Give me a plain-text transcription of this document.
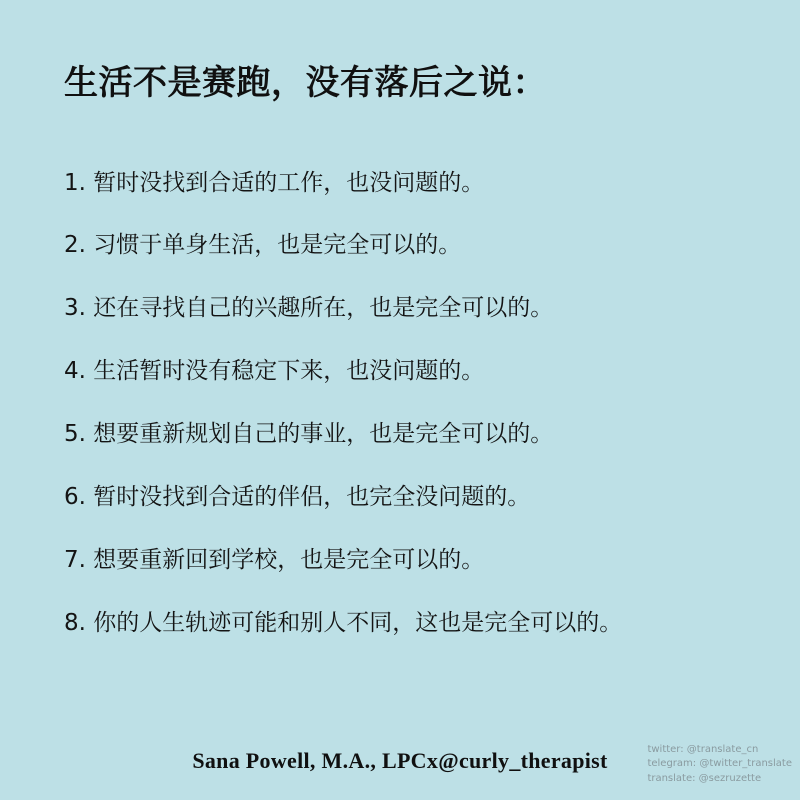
生活不是赛跑，没有落后之说：
1. 暂时没找到合适的工作，也没问题的。
2. 习惯于单身生活，也是完全可以的。
3. 还在寻找自己的兴趣所在，也是完全可以的。
4. 生活暂时没有稳定下来，也没问题的。
5. 想要重新规划自己的事业，也是完全可以的。
6. 暂时没找到合适的伴侣，也完全没问题的。
7. 想要重新回到学校，也是完全可以的。
8. 你的人生轨迹可能和别人不同，这也是完全可以的。
Sana Powell, M.A., LPCx@curly_therapist	twitter: @translate_cn
telegram: @twitter_translate
translate: @sezruzette
